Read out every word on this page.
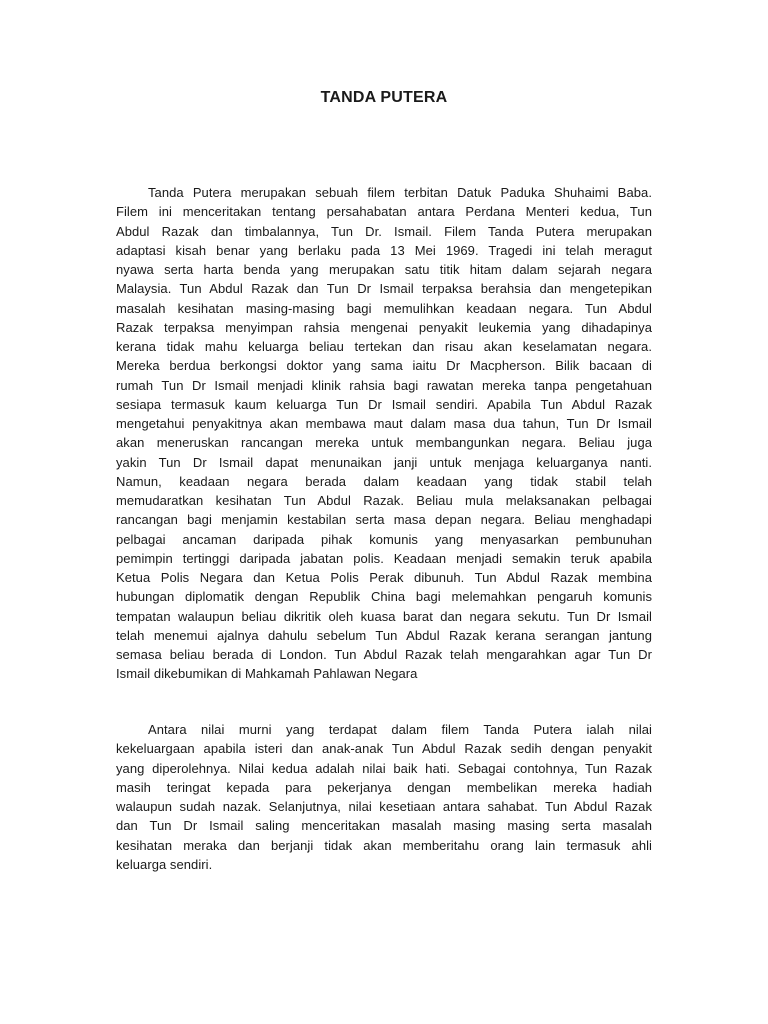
TANDA PUTERA
Tanda Putera merupakan sebuah filem terbitan Datuk Paduka Shuhaimi Baba.
Filem ini menceritakan tentang persahabatan antara Perdana Menteri kedua, Tun
Abdul Razak dan timbalannya, Tun Dr. Ismail. Filem Tanda Putera merupakan
adaptasi kisah benar yang berlaku pada 13 Mei 1969. Tragedi ini telah meragut
nyawa serta harta benda yang merupakan satu titik hitam dalam sejarah negara
Malaysia. Tun Abdul Razak dan Tun Dr Ismail terpaksa berahsia dan mengetepikan
masalah kesihatan masing-masing bagi memulihkan keadaan negara. Tun Abdul
Razak terpaksa menyimpan rahsia mengenai penyakit leukemia yang dihadapinya
kerana tidak mahu keluarga beliau tertekan dan risau akan keselamatan negara.
Mereka berdua berkongsi doktor yang sama iaitu Dr Macpherson. Bilik bacaan di
rumah Tun Dr Ismail menjadi klinik rahsia bagi rawatan mereka tanpa pengetahuan
sesiapa termasuk kaum keluarga Tun Dr Ismail sendiri. Apabila Tun Abdul Razak
mengetahui penyakitnya akan membawa maut dalam masa dua tahun, Tun Dr Ismail
akan meneruskan rancangan mereka untuk membangunkan negara. Beliau juga
yakin Tun Dr Ismail dapat menunaikan janji untuk menjaga keluarganya nanti.
Namun, keadaan negara berada dalam keadaan yang tidak stabil telah
memudaratkan kesihatan Tun Abdul Razak. Beliau mula melaksanakan pelbagai
rancangan bagi menjamin kestabilan serta masa depan negara. Beliau menghadapi
pelbagai ancaman daripada pihak komunis yang menyasarkan pembunuhan
pemimpin tertinggi daripada jabatan polis. Keadaan menjadi semakin teruk apabila
Ketua Polis Negara dan Ketua Polis Perak dibunuh. Tun Abdul Razak membina
hubungan diplomatik dengan Republik China bagi melemahkan pengaruh komunis
tempatan walaupun beliau dikritik oleh kuasa barat dan negara sekutu. Tun Dr Ismail
telah menemui ajalnya dahulu sebelum Tun Abdul Razak kerana serangan jantung
semasa beliau berada di London. Tun Abdul Razak telah mengarahkan agar Tun Dr
Ismail dikebumikan di Mahkamah Pahlawan Negara
Antara nilai murni yang terdapat dalam filem Tanda Putera ialah nilai
kekeluargaan apabila isteri dan anak-anak Tun Abdul Razak sedih dengan penyakit
yang diperolehnya. Nilai kedua adalah nilai baik hati. Sebagai contohnya, Tun Razak
masih teringat kepada para pekerjanya dengan membelikan mereka hadiah
walaupun sudah nazak. Selanjutnya, nilai kesetiaan antara sahabat. Tun Abdul Razak
dan Tun Dr Ismail saling menceritakan masalah masing masing serta masalah
kesihatan meraka dan berjanji tidak akan memberitahu orang lain termasuk ahli
keluarga sendiri.
